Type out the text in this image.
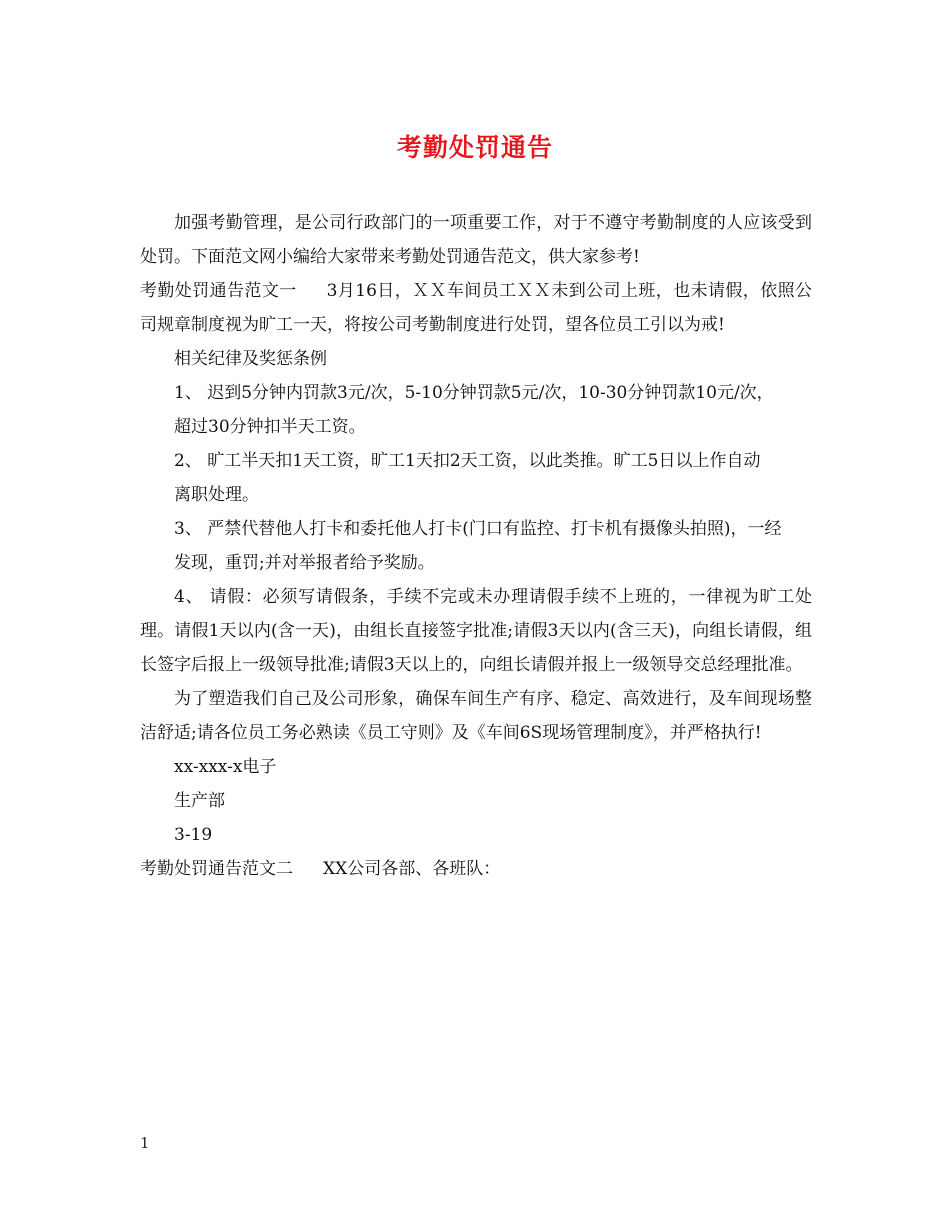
考勤处罚通告

加强考勤管理，是公司行政部门的一项重要工作，对于不遵守考勤制度的人应该受到处罚。下面范文网小编给大家带来考勤处罚通告范文，供大家参考!

考勤处罚通告范文一 3月16日，ＸＸ车间员工ＸＸ未到公司上班，也未请假，依照公司规章制度视为旷工一天，将按公司考勤制度进行处罚，望各位员工引以为戒!

相关纪律及奖惩条例

1、 迟到5分钟内罚款3元/次，5-10分钟罚款5元/次，10-30分钟罚款10元/次，

超过30分钟扣半天工资。

2、 旷工半天扣1天工资，旷工1天扣2天工资，以此类推。旷工5日以上作自动

离职处理。

3、 严禁代替他人打卡和委托他人打卡(门口有监控、打卡机有摄像头拍照)，一经

发现，重罚;并对举报者给予奖励。

4、 请假：必须写请假条，手续不完或未办理请假手续不上班的，一律视为旷工处理。请假1天以内(含一天)，由组长直接签字批准;请假3天以内(含三天)，向组长请假，组长签字后报上一级领导批准;请假3天以上的，向组长请假并报上一级领导交总经理批准。

为了塑造我们自己及公司形象，确保车间生产有序、稳定、高效进行，及车间现场整洁舒适;请各位员工务必熟读《员工守则》及《车间6S现场管理制度》，并严格执行!

xx-xxx-x电子

生产部

3-19

考勤处罚通告范文二 XX公司各部、各班队：

1
